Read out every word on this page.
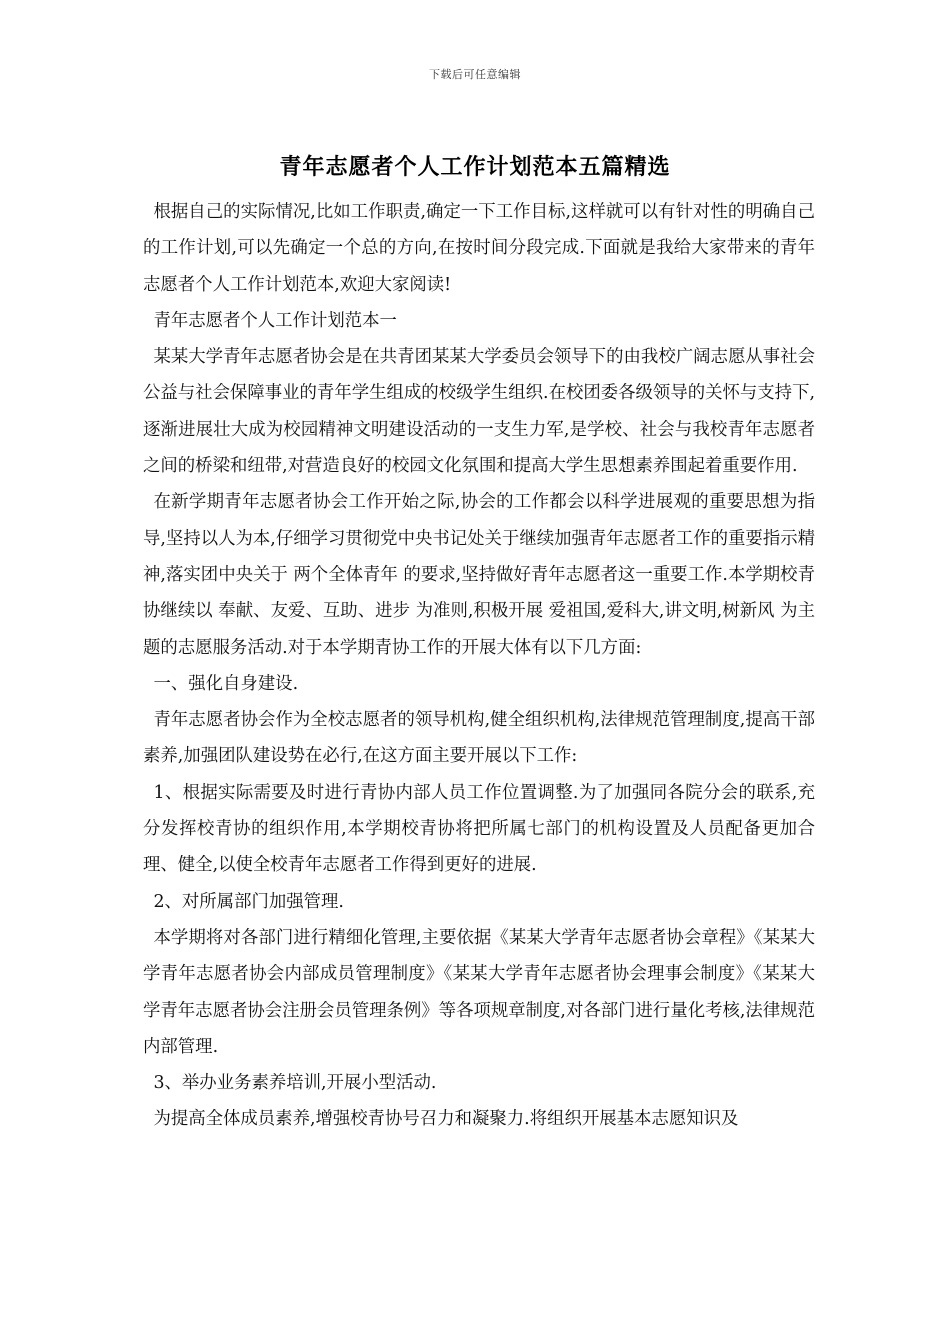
下载后可任意编辑
青年志愿者个人工作计划范本五篇精选

根据自己的实际情况,比如工作职责,确定一下工作目标,这样就可以有针对性的明确自己的工作计划,可以先确定一个总的方向,在按时间分段完成.下面就是我给大家带来的青年志愿者个人工作计划范本,欢迎大家阅读!

青年志愿者个人工作计划范本一

某某大学青年志愿者协会是在共青团某某大学委员会领导下的由我校广阔志愿从事社会公益与社会保障事业的青年学生组成的校级学生组织.在校团委各级领导的关怀与支持下,逐渐进展壮大成为校园精神文明建设活动的一支生力军,是学校、社会与我校青年志愿者之间的桥梁和纽带,对营造良好的校园文化氛围和提高大学生思想素养围起着重要作用.

在新学期青年志愿者协会工作开始之际,协会的工作都会以科学进展观的重要思想为指导,坚持以人为本,仔细学习贯彻党中央书记处关于继续加强青年志愿者工作的重要指示精神,落实团中央关于 两个全体青年 的要求,坚持做好青年志愿者这一重要工作.本学期校青协继续以 奉献、友爱、互助、进步 为准则,积极开展 爱祖国,爱科大,讲文明,树新风 为主题的志愿服务活动.对于本学期青协工作的开展大体有以下几方面:

一、强化自身建设.

青年志愿者协会作为全校志愿者的领导机构,健全组织机构,法律规范管理制度,提高干部素养,加强团队建设势在必行,在这方面主要开展以下工作:

1、根据实际需要及时进行青协内部人员工作位置调整.为了加强同各院分会的联系,充分发挥校青协的组织作用,本学期校青协将把所属七部门的机构设置及人员配备更加合理、健全,以使全校青年志愿者工作得到更好的进展.

2、对所属部门加强管理.

本学期将对各部门进行精细化管理,主要依据《某某大学青年志愿者协会章程》《某某大学青年志愿者协会内部成员管理制度》《某某大学青年志愿者协会理事会制度》《某某大学青年志愿者协会注册会员管理条例》等各项规章制度,对各部门进行量化考核,法律规范内部管理.

3、举办业务素养培训,开展小型活动.

为提高全体成员素养,增强校青协号召力和凝聚力.将组织开展基本志愿知识及
